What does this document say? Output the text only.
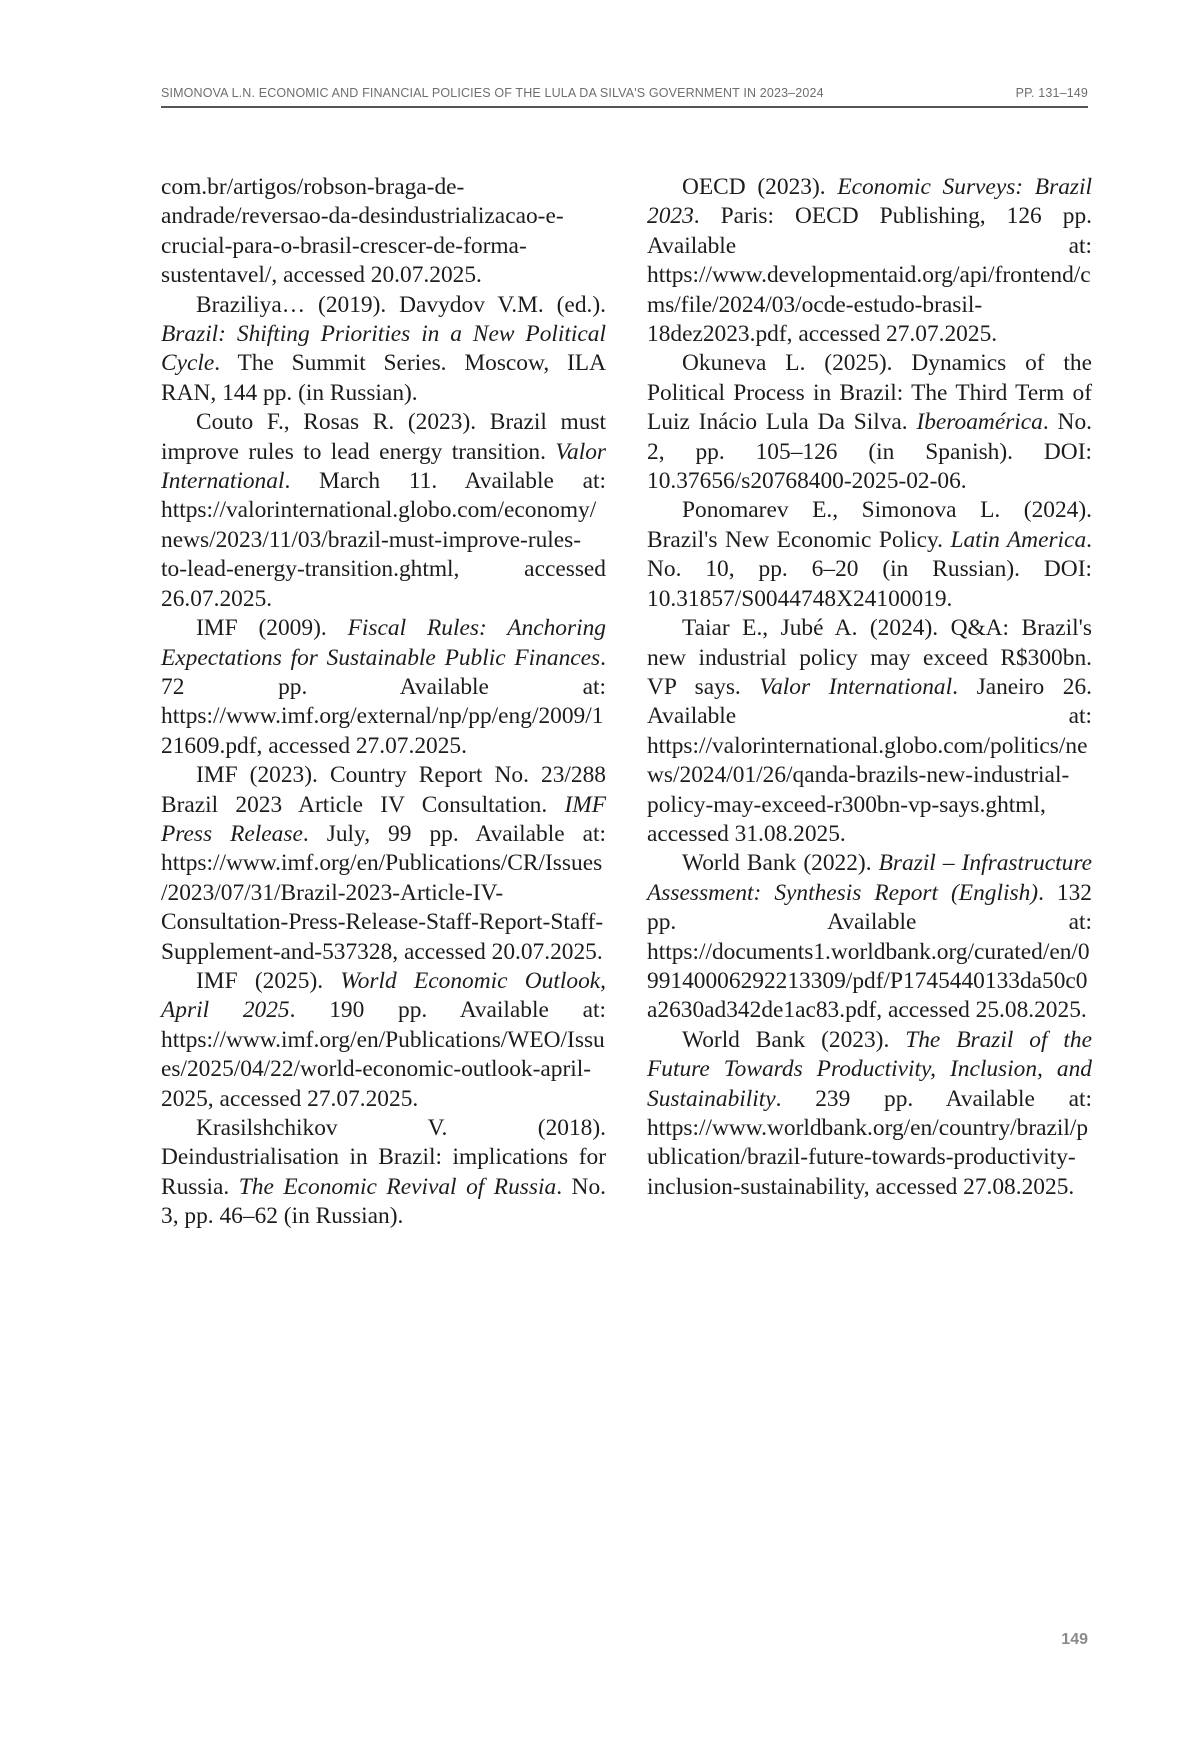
SIMONOVA L.N. ECONOMIC AND FINANCIAL POLICIES OF THE LULA DA SILVA'S GOVERNMENT IN 2023–2024	PP. 131–149

com.br/artigos/robson-braga-de-andrade/reversao-da-desindustrializacao-e-crucial-para-o-brasil-crescer-de-forma-sustentavel/, accessed 20.07.2025.

Braziliya… (2019). Davydov V.M. (ed.). Brazil: Shifting Priorities in a New Political Cycle. The Summit Series. Moscow, ILA RAN, 144 pp. (in Russian).

Couto F., Rosas R. (2023). Brazil must improve rules to lead energy transition. Valor International. March 11. Available at: https://valorinternational.globo.com/economy/news/2023/11/03/brazil-must-improve-rules-to-lead-energy-transition.ghtml, accessed 26.07.2025.

IMF (2009). Fiscal Rules: Anchoring Expectations for Sustainable Public Finances. 72 pp. Available at: https://www.imf.org/external/np/pp/eng/2009/121609.pdf, accessed 27.07.2025.

IMF (2023). Country Report No. 23/288 Brazil 2023 Article IV Consultation. IMF Press Release. July, 99 pp. Available at: https://www.imf.org/en/Publications/CR/Issues/2023/07/31/Brazil-2023-Article-IV-Consultation-Press-Release-Staff-Report-Staff-Supplement-and-537328, accessed 20.07.2025.

IMF (2025). World Economic Outlook, April 2025. 190 pp. Available at: https://www.imf.org/en/Publications/WEO/Issues/2025/04/22/world-economic-outlook-april-2025, accessed 27.07.2025.

Krasilshchikov V. (2018). Deindustrialisation in Brazil: implications for Russia. The Economic Revival of Russia. No. 3, pp. 46–62 (in Russian).

OECD (2023). Economic Surveys: Brazil 2023. Paris: OECD Publishing, 126 pp. Available at: https://www.developmentaid.org/api/frontend/cms/file/2024/03/ocde-estudo-brasil-18dez2023.pdf, accessed 27.07.2025.

Okuneva L. (2025). Dynamics of the Political Process in Brazil: The Third Term of Luiz Inácio Lula Da Silva. Iberoamérica. No. 2, pp. 105–126 (in Spanish). DOI: 10.37656/s20768400-2025-02-06.

Ponomarev E., Simonova L. (2024). Brazil's New Economic Policy. Latin America. No. 10, pp. 6–20 (in Russian). DOI: 10.31857/S0044748X24100019.

Taiar E., Jubé A. (2024). Q&A: Brazil's new industrial policy may exceed R$300bn. VP says. Valor International. Janeiro 26. Available at: https://valorinternational.globo.com/politics/news/2024/01/26/qanda-brazils-new-industrial-policy-may-exceed-r300bn-vp-says.ghtml, accessed 31.08.2025.

World Bank (2022). Brazil – Infrastructure Assessment: Synthesis Report (English). 132 pp. Available at: https://documents1.worldbank.org/curated/en/099140006292213309/pdf/P1745440133da50c0a2630ad342de1ac83.pdf, accessed 25.08.2025.

World Bank (2023). The Brazil of the Future Towards Productivity, Inclusion, and Sustainability. 239 pp. Available at: https://www.worldbank.org/en/country/brazil/publication/brazil-future-towards-productivity-inclusion-sustainability, accessed 27.08.2025.

149
